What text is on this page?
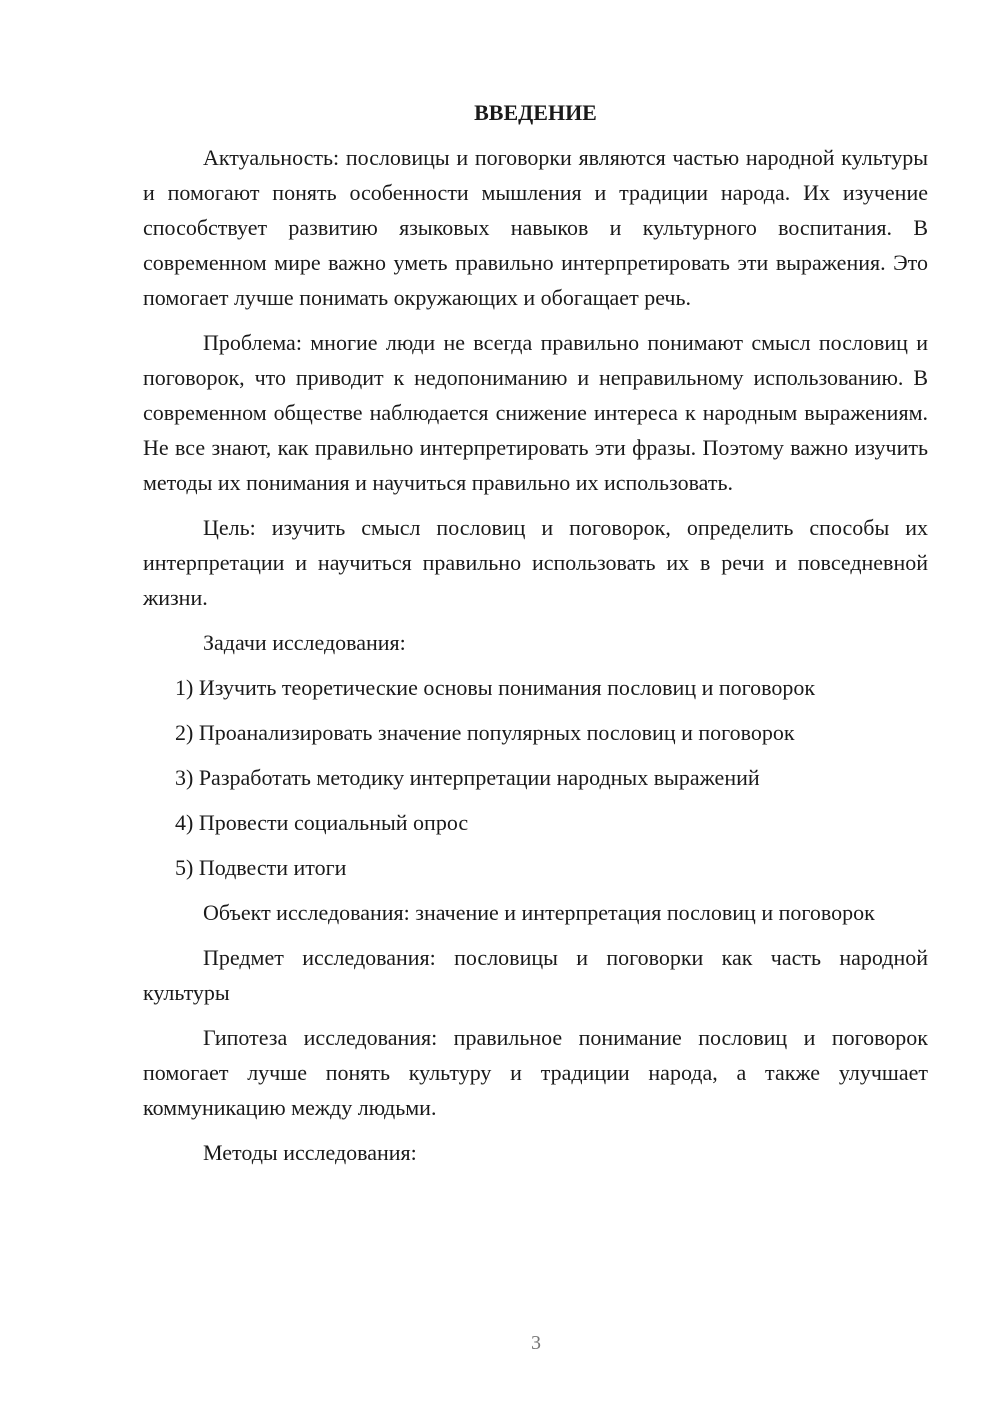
ВВЕДЕНИЕ

Актуальность: пословицы и поговорки являются частью народной культуры и помогают понять особенности мышления и традиции народа. Их изучение способствует развитию языковых навыков и культурного воспитания. В современном мире важно уметь правильно интерпретировать эти выражения. Это помогает лучше понимать окружающих и обогащает речь.

Проблема: многие люди не всегда правильно понимают смысл пословиц и поговорок, что приводит к недопониманию и неправильному использованию. В современном обществе наблюдается снижение интереса к народным выражениям. Не все знают, как правильно интерпретировать эти фразы. Поэтому важно изучить методы их понимания и научиться правильно их использовать.

Цель: изучить смысл пословиц и поговорок, определить способы их интерпретации и научиться правильно использовать их в речи и повседневной жизни.

Задачи исследования:

1) Изучить теоретические основы понимания пословиц и поговорок
2) Проанализировать значение популярных пословиц и поговорок
3) Разработать методику интерпретации народных выражений
4) Провести социальный опрос
5) Подвести итоги

Объект исследования: значение и интерпретация пословиц и поговорок

Предмет исследования: пословицы и поговорки как часть народной культуры

Гипотеза исследования: правильное понимание пословиц и поговорок помогает лучше понять культуру и традиции народа, а также улучшает коммуникацию между людьми.

Методы исследования:

3
